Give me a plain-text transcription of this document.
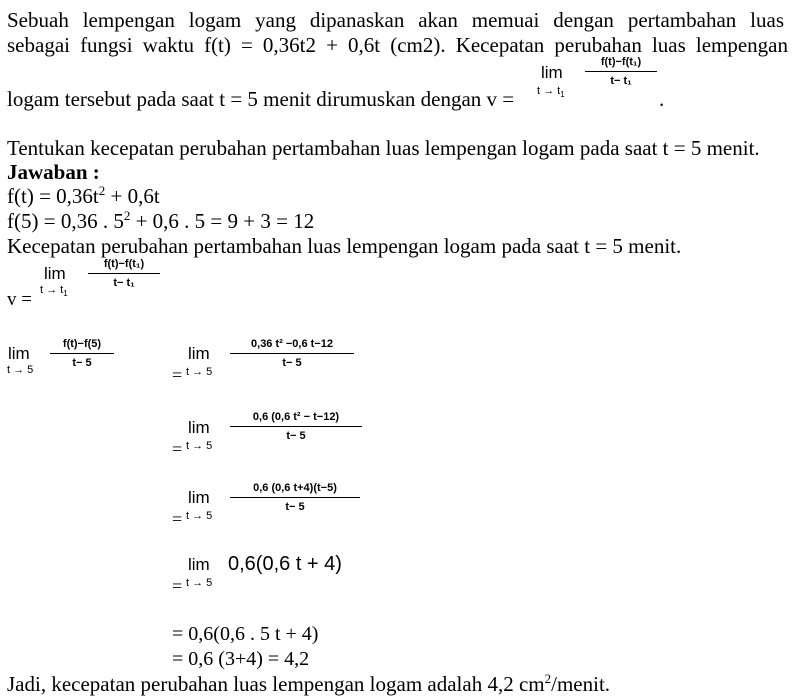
Sebuah lempengan logam yang dipanaskan akan memuai dengan pertambahan luas
sebagai fungsi waktu f(t) = 0,36t2 + 0,6t (cm2). Kecepatan perubahan luas lempengan
logam tersebut pada saat t = 5 menit dirumuskan dengan v =
lim
$t \to t_1$
f(t)−f(t₁)
t− t₁
.
Tentukan kecepatan perubahan pertambahan luas lempengan logam pada saat t = 5 menit.
Jawaban :
$f(t) = 0,36t^2 + 0,6t$
f(5) = 0,36 . $5^2 + 0,6$ . 5 = 9 + 3 = 12
Kecepatan perubahan pertambahan luas lempengan logam pada saat t = 5 menit.
v =
lim
$t \to t_1$
f(t)−f(t₁)
t− t₁
lim
t → 5
f(t)−f(5)
t− 5	lim
= t → 5
0,36 t² −0,6 t−12
t− 5
lim
= t → 5
0,6 (0,6 t² − t−12)
t− 5
lim
= t → 5
0,6 (0,6 t+4)(t−5)
t− 5
lim
= t → 5
0,6(0,6 t + 4)
= 0,6(0,6 . 5 t + 4)
= 0,6 (3+4) = 4,2
Jadi, kecepatan perubahan luas lempengan logam adalah 4,2 $cm^2$/menit.
